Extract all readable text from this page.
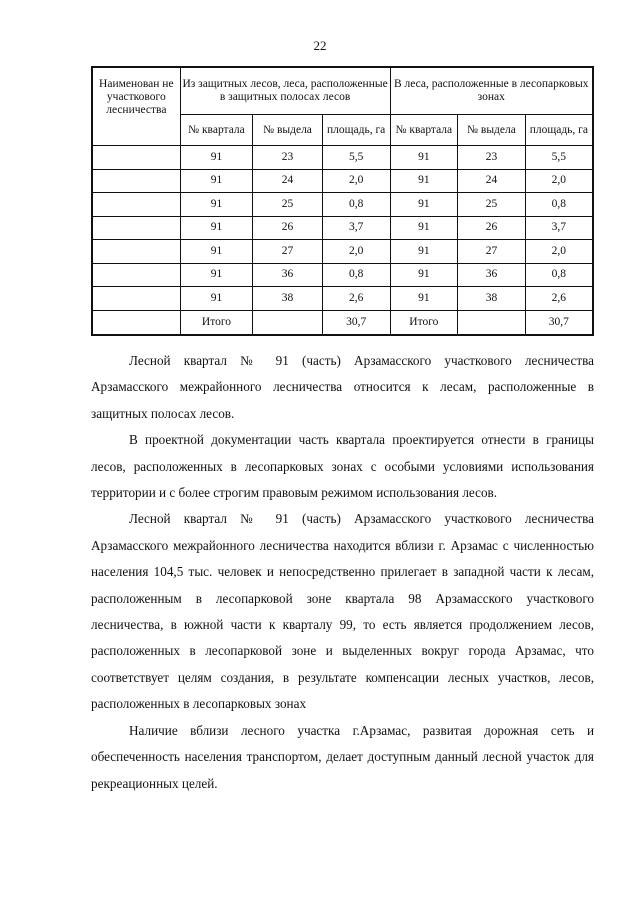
22
Наименован не участкового лесничества	Из защитных лесов, леса, расположенные в защитных полосах лесов			В леса, расположенные в лесопарковых зонах		
	№ квартала	№ выдела	площадь, га	№ квартала	№ выдела	площадь, га
	91	23	5,5	91	23	5,5
	91	24	2,0	91	24	2,0
	91	25	0,8	91	25	0,8
	91	26	3,7	91	26	3,7
	91	27	2,0	91	27	2,0
	91	36	0,8	91	36	0,8
	91	38	2,6	91	38	2,6
	Итого		30,7	Итого		30,7

Лесной квартал № 91 (часть) Арзамасского участкового лесничества Арзамасского межрайонного лесничества относится к лесам, расположенные в защитных полосах лесов.

В проектной документации часть квартала проектируется отнести в границы лесов, расположенных в лесопарковых зонах с особыми условиями использования территории и с более строгим правовым режимом использования лесов.

Лесной квартал № 91 (часть) Арзамасского участкового лесничества Арзамасского межрайонного лесничества находится вблизи г. Арзамас с численностью населения 104,5 тыс. человек и непосредственно прилегает в западной части к лесам, расположенным в лесопарковой зоне квартала 98 Арзамасского участкового лесничества, в южной части к кварталу 99, то есть является продолжением лесов, расположенных в лесопарковой зоне и выделенных вокруг города Арзамас, что соответствует целям создания, в результате компенсации лесных участков, лесов, расположенных в лесопарковых зонах

Наличие вблизи лесного участка г.Арзамас, развитая дорожная сеть и обеспеченность населения транспортом, делает доступным данный лесной участок для рекреационных целей.
